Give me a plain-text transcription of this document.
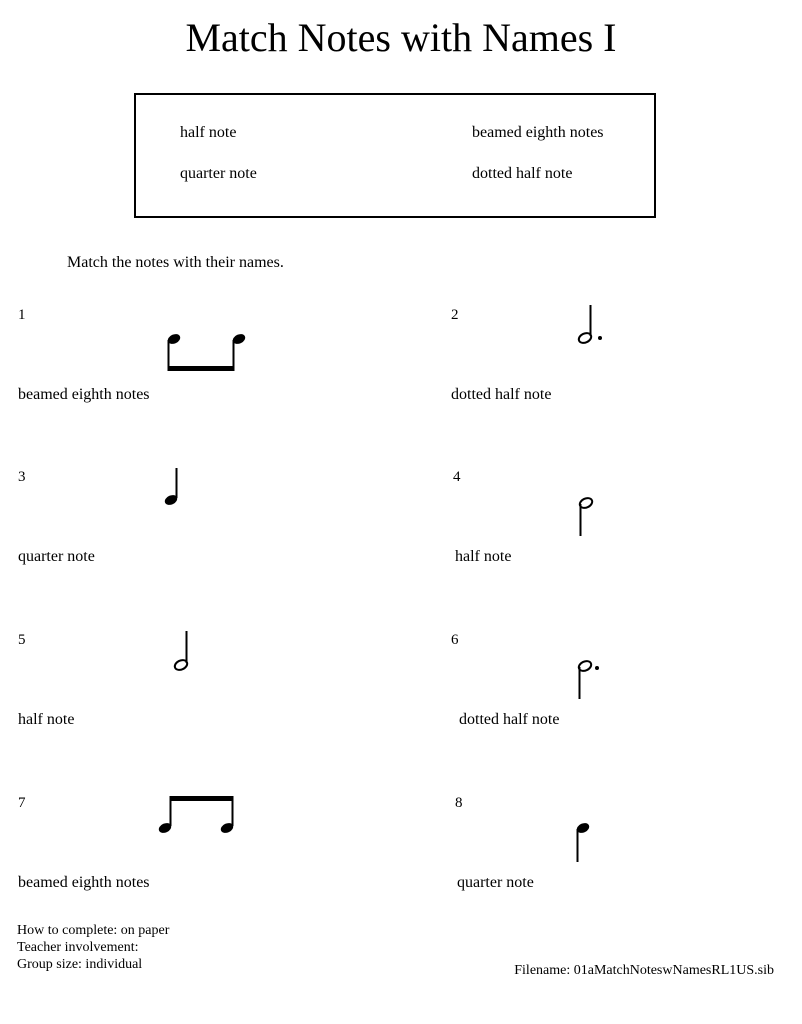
Match Notes with Names I
half note	beamed eighth notes
quarter note	dotted half note
Match the notes with their names.
1
beamed eighth notes
2
dotted half note
3
quarter note
4
half note
5
half note
6
dotted half note
7
beamed eighth notes
8
quarter note
How to complete: on paper
Teacher involvement:
Group size: individual	Filename: 01aMatchNoteswNamesRL1US.sib
